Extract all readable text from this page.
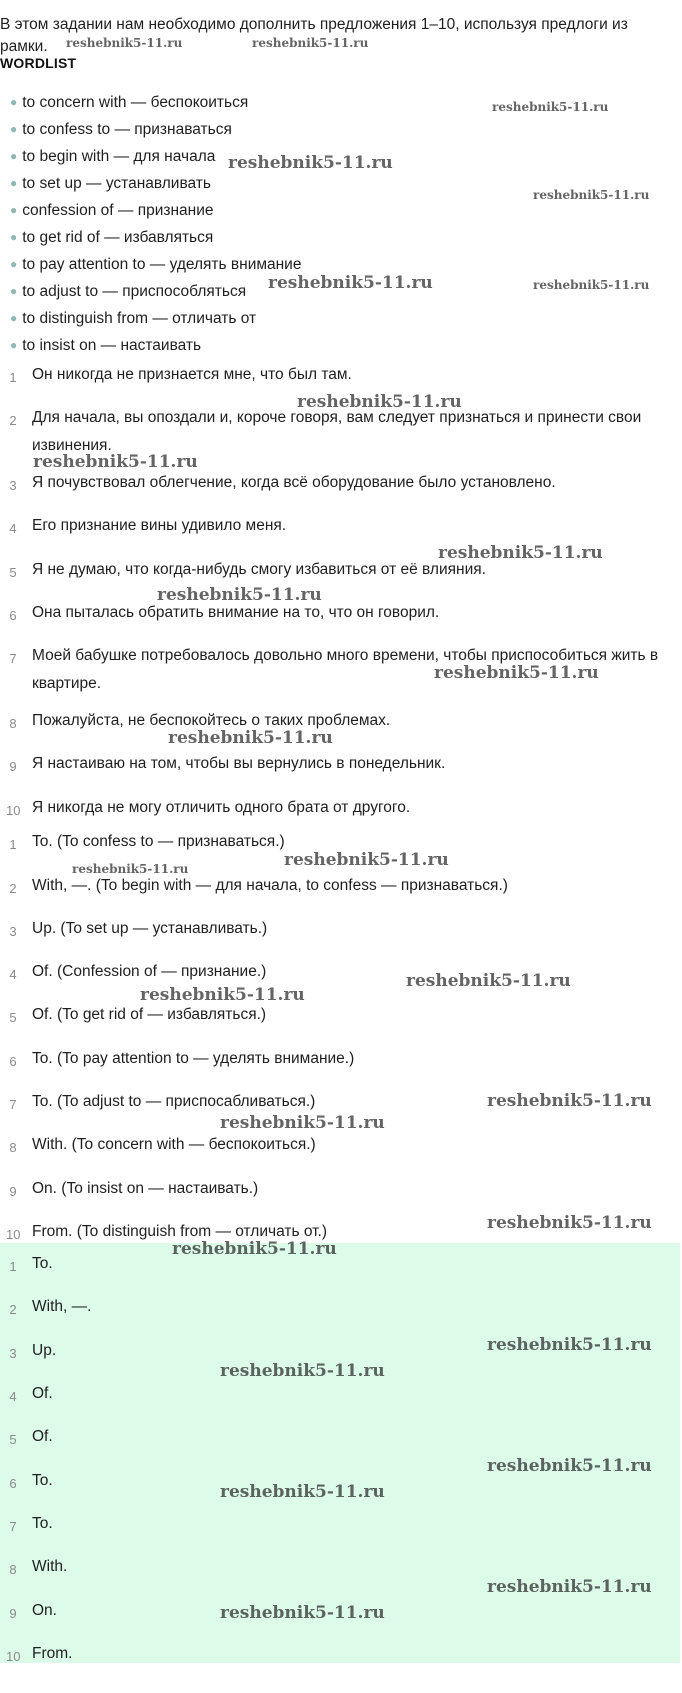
В этом задании нам необходимо дополнить предложения 1–10, используя предлоги из рамки.
WORDLIST
● to concern with — беспокоиться
● to confess to — признаваться
● to begin with — для начала
● to set up — устанавливать
● confession of — признание
● to get rid of — избавляться
● to pay attention to — уделять внимание
● to adjust to — приспособляться
● to distinguish from — отличать от
● to insist on — настаивать
1 Он никогда не признается мне, что был там.
2 Для начала, вы опоздали и, короче говоря, вам следует признаться и принести свои извинения.
3 Я почувствовал облегчение, когда всё оборудование было установлено.
4 Его признание вины удивило меня.
5 Я не думаю, что когда-нибудь смогу избавиться от её влияния.
6 Она пыталась обратить внимание на то, что он говорил.
7 Моей бабушке потребовалось довольно много времени, чтобы приспособиться жить в квартире.
8 Пожалуйста, не беспокойтесь о таких проблемах.
9 Я настаиваю на том, чтобы вы вернулись в понедельник.
10 Я никогда не могу отличить одного брата от другого.
1 To. (To confess to — признаваться.)
2 With, —. (To begin with — для начала, to confess — признаваться.)
3 Up. (To set up — устанавливать.)
4 Of. (Confession of — признание.)
5 Of. (To get rid of — избавляться.)
6 To. (To pay attention to — уделять внимание.)
7 To. (To adjust to — приспосабливаться.)
8 With. (To concern with — беспокоиться.)
9 On. (To insist on — настаивать.)
10 From. (To distinguish from — отличать от.)
1 To.
2 With, —.
3 Up.
4 Of.
5 Of.
6 To.
7 To.
8 With.
9 On.
10 From.
reshebnik5-11.ru	reshebnik5-11.ru
reshebnik5-11.ru
reshebnik5-11.ru
reshebnik5-11.ru
reshebnik5-11.ru	reshebnik5-11.ru
reshebnik5-11.ru
reshebnik5-11.ru
reshebnik5-11.ru
reshebnik5-11.ru
reshebnik5-11.ru
reshebnik5-11.ru
reshebnik5-11.ru	reshebnik5-11.ru
reshebnik5-11.ru
reshebnik5-11.ru
reshebnik5-11.ru
reshebnik5-11.ru
reshebnik5-11.ru
reshebnik5-11.ru
reshebnik5-11.ru
reshebnik5-11.ru
reshebnik5-11.ru
reshebnik5-11.ru
reshebnik5-11.ru
reshebnik5-11.ru
